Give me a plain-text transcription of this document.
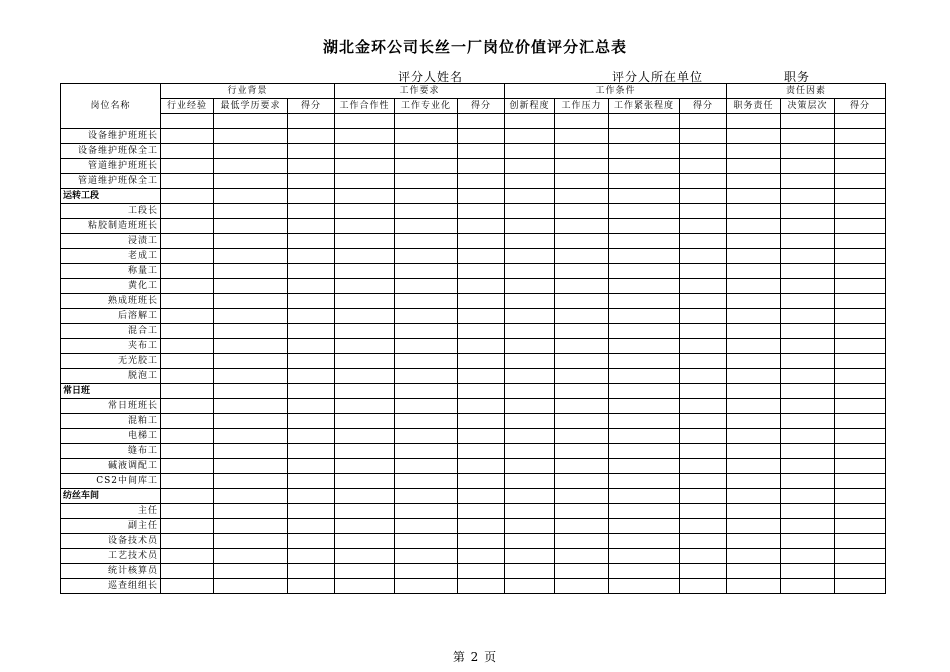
湖北金环公司长丝一厂岗位价值评分汇总表
评分人姓名	评分人所在单位	职务
岗位名称	行业背景			工作要求			工作条件				责任因素		
	行业经验	最低学历要求	得分	工作合作性	工作专业化	得分	创新程度	工作压力	工作紧张程度	得分	职务责任	决策层次	得分

设备维护班班长													
设备维护班保全工													
管道维护班班长													
管道维护班保全工													
运转工段													
工段长													
粘胶制造班班长													
浸渍工													
老成工													
称量工													
黄化工													
熟成班班长													
后溶解工													
混合工													
夹布工													
无光胶工													
脱泡工													
常日班													
常日班班长													
混粕工													
电梯工													
缝布工													
碱液调配工													
CS2中间库工													
纺丝车间													
主任													
副主任													
设备技术员													
工艺技术员													
统计核算员													
巡查组组长													
第 2 页
